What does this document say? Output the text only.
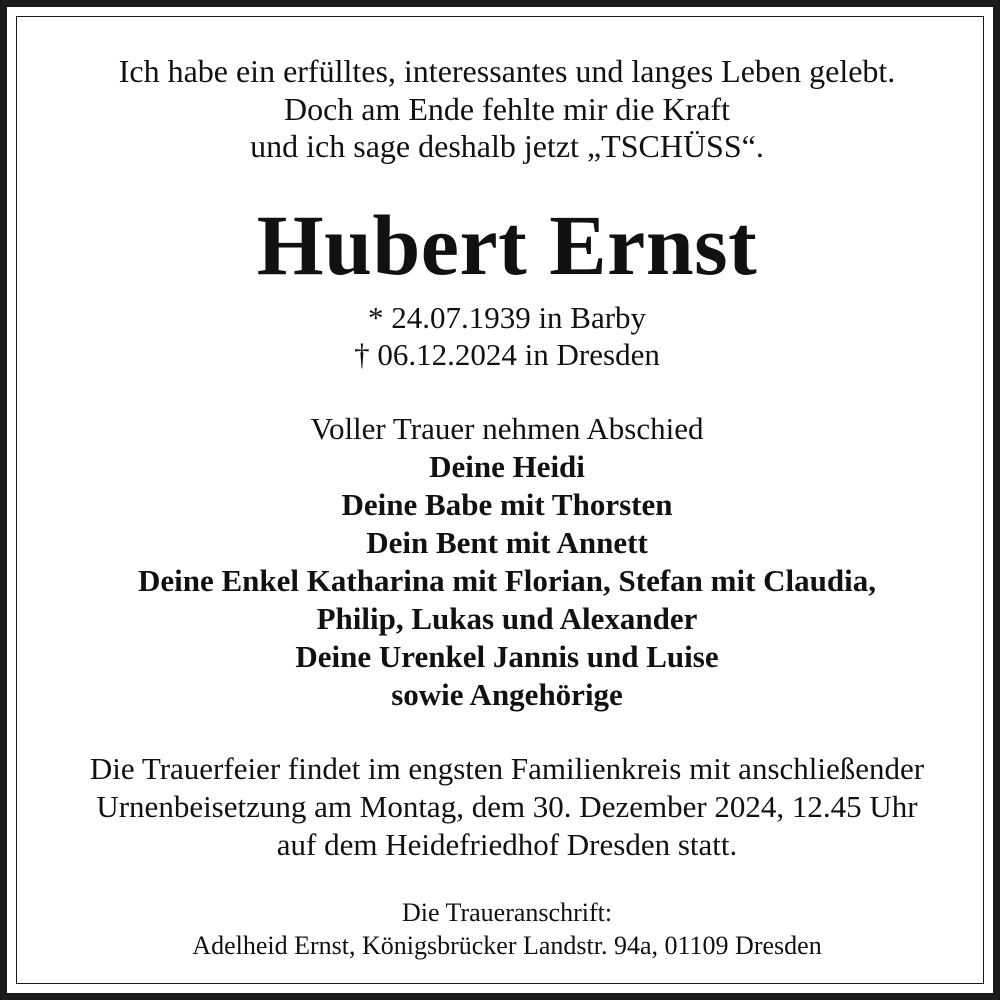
Ich habe ein erfülltes, interessantes und langes Leben gelebt.
Doch am Ende fehlte mir die Kraft
und ich sage deshalb jetzt „TSCHÜSS“.
Hubert Ernst
* 24.07.1939 in Barby
† 06.12.2024 in Dresden
Voller Trauer nehmen Abschied
Deine Heidi
Deine Babe mit Thorsten
Dein Bent mit Annett
Deine Enkel Katharina mit Florian, Stefan mit Claudia,
Philip, Lukas und Alexander
Deine Urenkel Jannis und Luise
sowie Angehörige
Die Trauerfeier findet im engsten Familienkreis mit anschließender
Urnenbeisetzung am Montag, dem 30. Dezember 2024, 12.45 Uhr
auf dem Heidefriedhof Dresden statt.
Die Traueranschrift:
Adelheid Ernst, Königsbrücker Landstr. 94a, 01109 Dresden
